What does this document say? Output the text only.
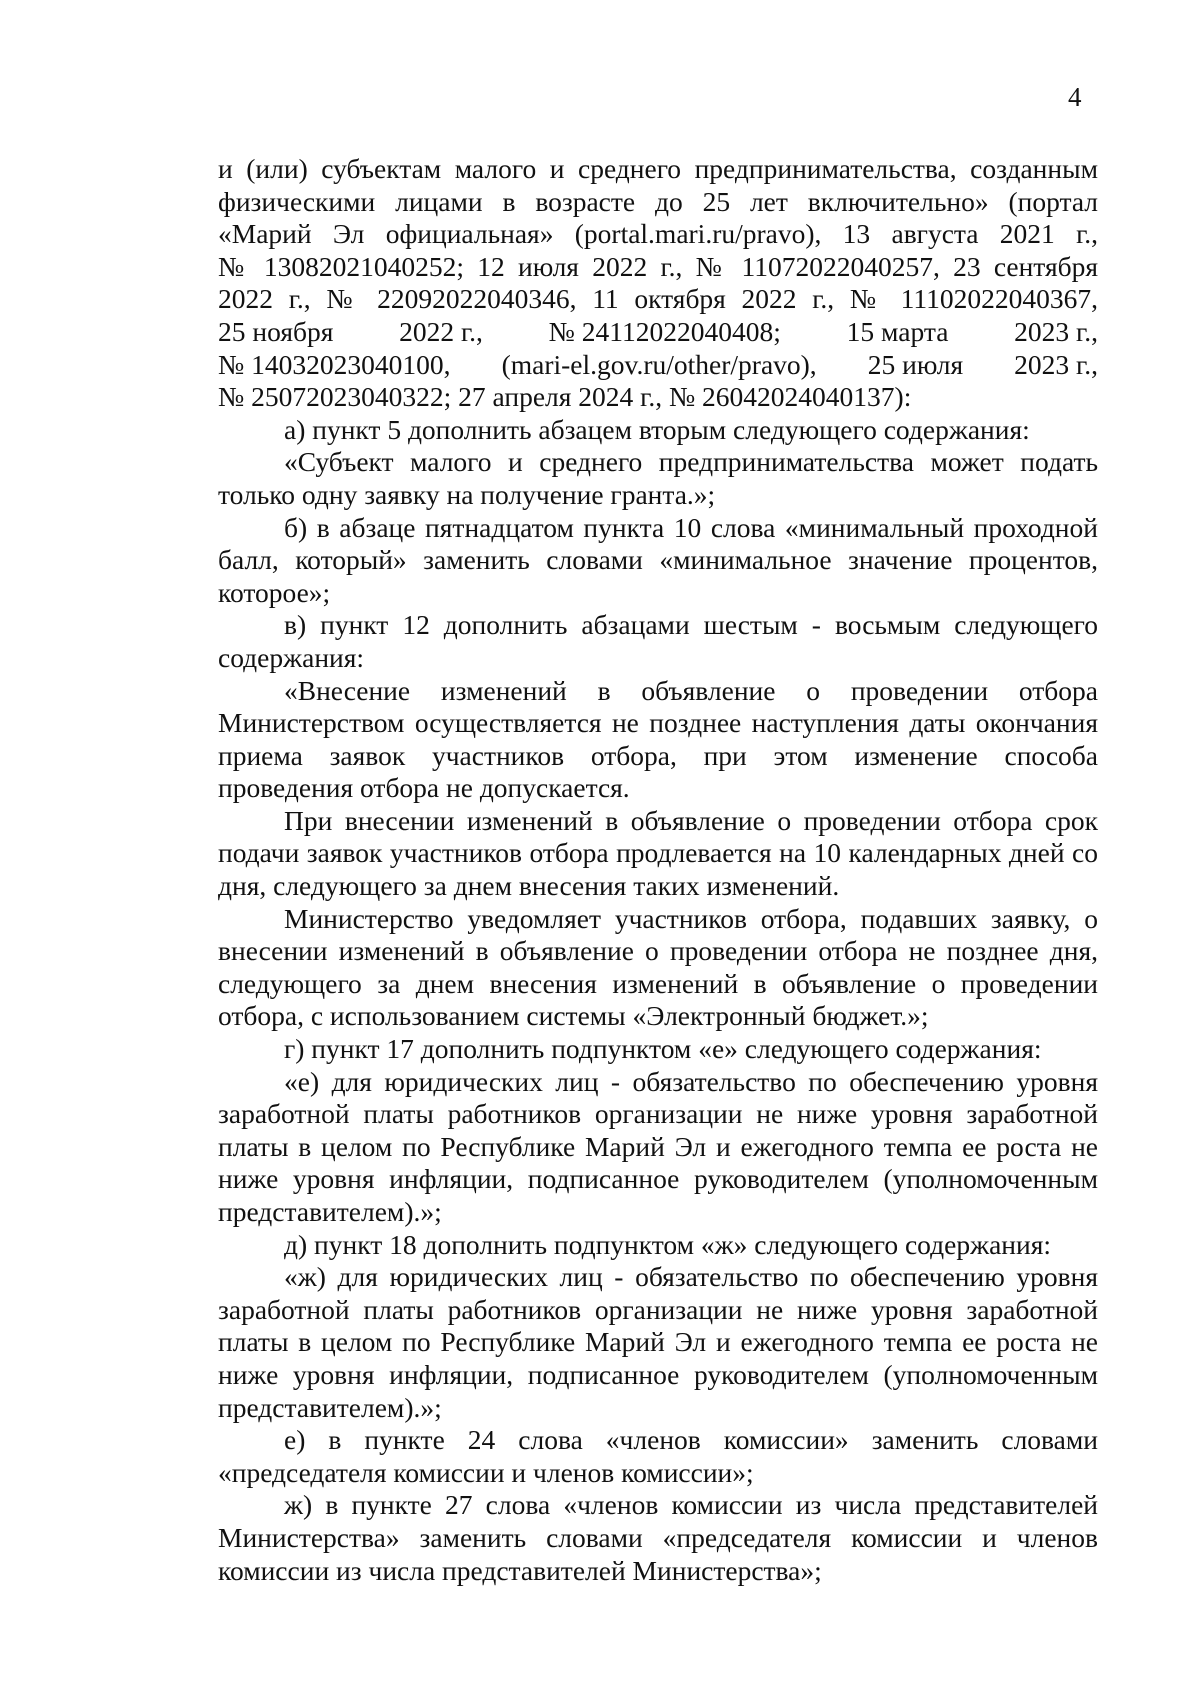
4
и (или) субъектам малого и среднего предпринимательства, созданным
физическими лицами в возрасте до 25 лет включительно» (портал
«Марий Эл официальная» (portal.mari.ru/pravo), 13 августа 2021 г.,
№ 13082021040252; 12 июля 2022 г., № 11072022040257, 23 сентября
2022 г., № 22092022040346, 11 октября 2022 г., № 11102022040367,
25 ноября 2022 г., № 24112022040408; 15 марта 2023 г.,
№ 14032023040100, (mari-el.gov.ru/other/pravo), 25 июля 2023 г.,
№ 25072023040322; 27 апреля 2024 г., № 26042024040137):

а) пункт 5 дополнить абзацем вторым следующего содержания:

«Субъект малого и среднего предпринимательства может подать только одну заявку на получение гранта.»;

б) в абзаце пятнадцатом пункта 10 слова «минимальный проходной балл, который» заменить словами «минимальное значение процентов, которое»;

в) пункт 12 дополнить абзацами шестым - восьмым следующего содержания:

«Внесение изменений в объявление о проведении отбора Министерством осуществляется не позднее наступления даты окончания приема заявок участников отбора, при этом изменение способа проведения отбора не допускается.

При внесении изменений в объявление о проведении отбора срок подачи заявок участников отбора продлевается на 10 календарных дней со дня, следующего за днем внесения таких изменений.

Министерство уведомляет участников отбора, подавших заявку, о внесении изменений в объявление о проведении отбора не позднее дня, следующего за днем внесения изменений в объявление о проведении отбора, с использованием системы «Электронный бюджет.»;

г) пункт 17 дополнить подпунктом «е» следующего содержания:

«е) для юридических лиц - обязательство по обеспечению уровня заработной платы работников организации не ниже уровня заработной платы в целом по Республике Марий Эл и ежегодного темпа ее роста не ниже уровня инфляции, подписанное руководителем (уполномоченным представителем).»;

д) пункт 18 дополнить подпунктом «ж» следующего содержания:

«ж) для юридических лиц - обязательство по обеспечению уровня заработной платы работников организации не ниже уровня заработной платы в целом по Республике Марий Эл и ежегодного темпа ее роста не ниже уровня инфляции, подписанное руководителем (уполномоченным представителем).»;

е) в пункте 24 слова «членов комиссии» заменить словами «председателя комиссии и членов комиссии»;

ж) в пункте 27 слова «членов комиссии из числа представителей Министерства» заменить словами «председателя комиссии и членов комиссии из числа представителей Министерства»;
